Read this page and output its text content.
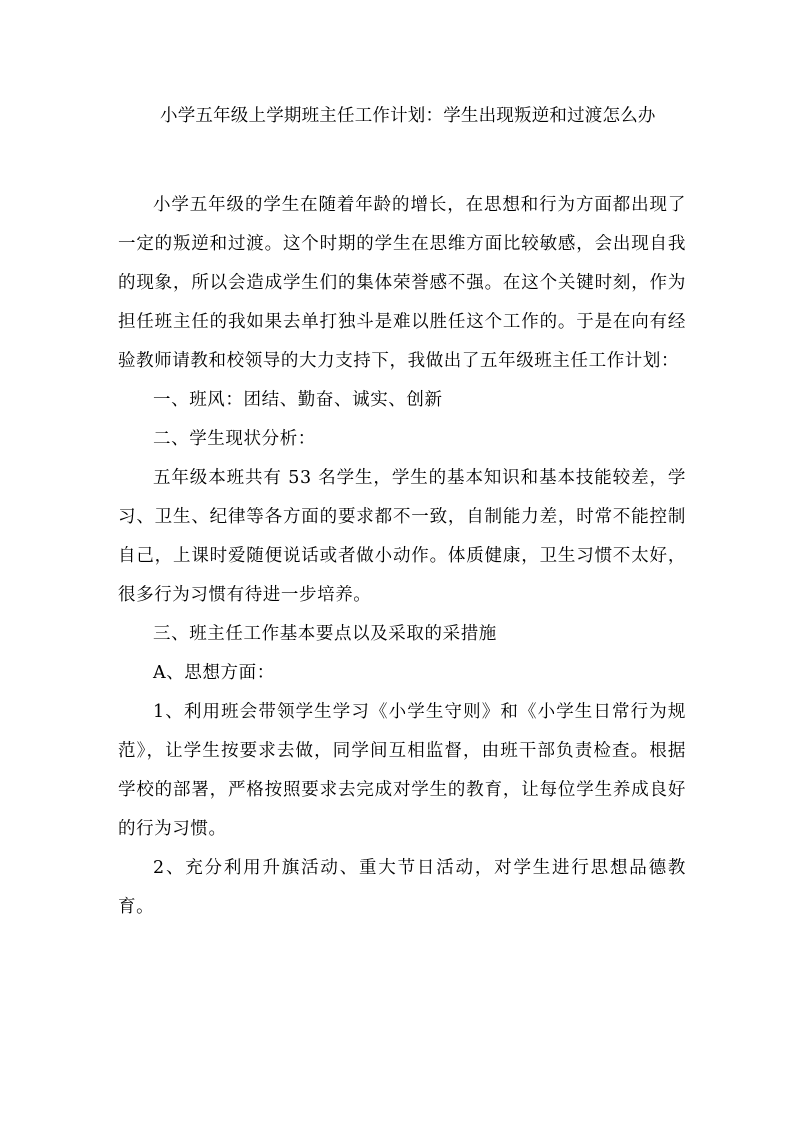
小学五年级上学期班主任工作计划：学生出现叛逆和过渡怎么办

小学五年级的学生在随着年龄的增长，在思想和行为方面都出现了一定的叛逆和过渡。这个时期的学生在思维方面比较敏感，会出现自我的现象，所以会造成学生们的集体荣誉感不强。在这个关键时刻，作为担任班主任的我如果去单打独斗是难以胜任这个工作的。于是在向有经验教师请教和校领导的大力支持下，我做出了五年级班主任工作计划：

一、班风：团结、勤奋、诚实、创新

二、学生现状分析：

五年级本班共有 53 名学生，学生的基本知识和基本技能较差，学习、卫生、纪律等各方面的要求都不一致，自制能力差，时常不能控制自己，上课时爱随便说话或者做小动作。体质健康，卫生习惯不太好，很多行为习惯有待进一步培养。

三、班主任工作基本要点以及采取的采措施

A、思想方面：

1、利用班会带领学生学习《小学生守则》和《小学生日常行为规范》，让学生按要求去做，同学间互相监督，由班干部负责检查。根据学校的部署，严格按照要求去完成对学生的教育，让每位学生养成良好的行为习惯。

2、充分利用升旗活动、重大节日活动，对学生进行思想品德教育。
